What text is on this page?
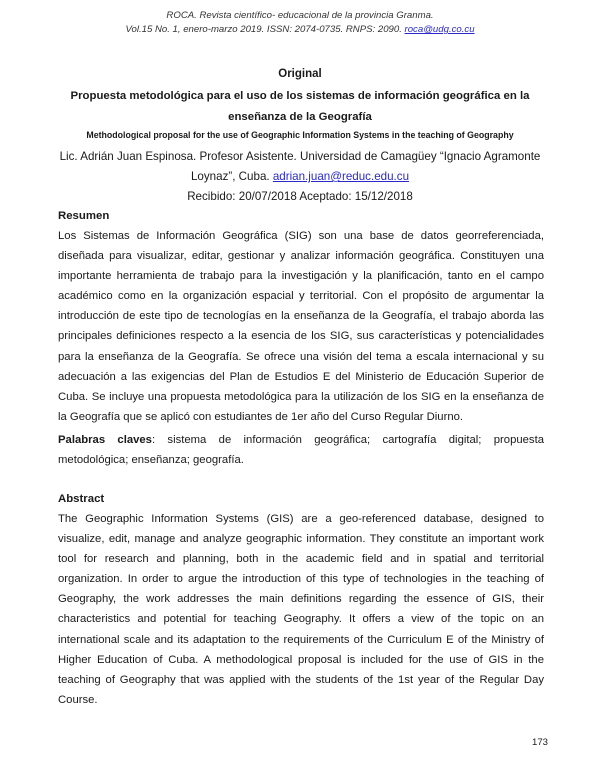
ROCA. Revista científico- educacional de la provincia Granma.
Vol.15 No. 1, enero-marzo 2019. ISSN: 2074-0735. RNPS: 2090. roca@udg.co.cu
Original
Propuesta metodológica para el uso de los sistemas de información geográfica en la
enseñanza de la Geografía
Methodological proposal for the use of Geographic Information Systems in the teaching of Geography
Lic. Adrián Juan Espinosa. Profesor Asistente. Universidad de Camagüey “Ignacio Agramonte
Loynaz”, Cuba. adrian.juan@reduc.edu.cu
Recibido: 20/07/2018 Aceptado: 15/12/2018
Resumen

Los Sistemas de Información Geográfica (SIG) son una base de datos georreferenciada, diseñada para visualizar, editar, gestionar y analizar información geográfica. Constituyen una importante herramienta de trabajo para la investigación y la planificación, tanto en el campo académico como en la organización espacial y territorial. Con el propósito de argumentar la introducción de este tipo de tecnologías en la enseñanza de la Geografía, el trabajo aborda las principales definiciones respecto a la esencia de los SIG, sus características y potencialidades para la enseñanza de la Geografía. Se ofrece una visión del tema a escala internacional y su adecuación a las exigencias del Plan de Estudios E del Ministerio de Educación Superior de Cuba. Se incluye una propuesta metodológica para la utilización de los SIG en la enseñanza de la Geografía que se aplicó con estudiantes de 1er año del Curso Regular Diurno.

Palabras claves: sistema de información geográfica; cartografía digital; propuesta metodológica; enseñanza; geografía.

Abstract

The Geographic Information Systems (GIS) are a geo-referenced database, designed to visualize, edit, manage and analyze geographic information. They constitute an important work tool for research and planning, both in the academic field and in spatial and territorial organization. In order to argue the introduction of this type of technologies in the teaching of Geography, the work addresses the main definitions regarding the essence of GIS, their characteristics and potential for teaching Geography. It offers a view of the topic on an international scale and its adaptation to the requirements of the Curriculum E of the Ministry of Higher Education of Cuba. A methodological proposal is included for the use of GIS in the teaching of Geography that was applied with the students of the 1st year of the Regular Day Course.

173
